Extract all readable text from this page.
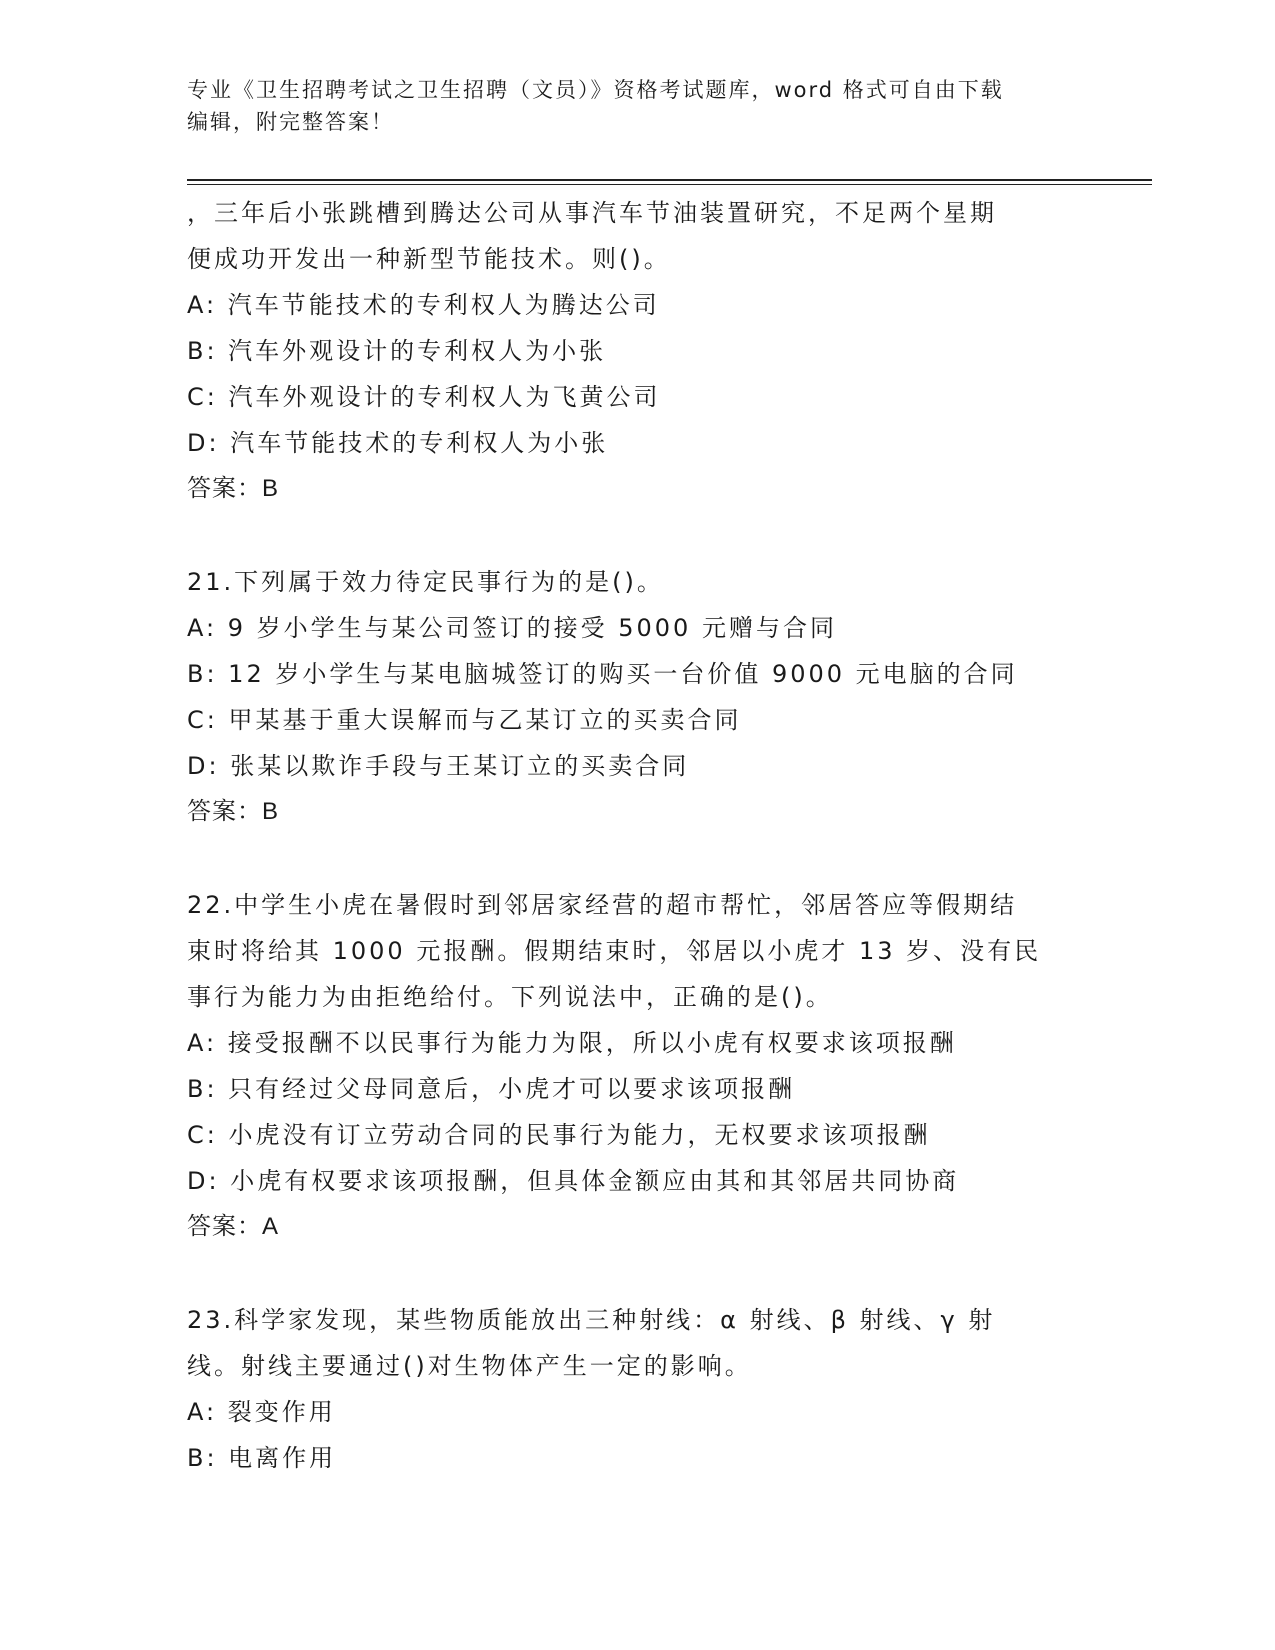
专业《卫生招聘考试之卫生招聘（文员）》资格考试题库，word 格式可自由下载
编辑，附完整答案！
，三年后小张跳槽到腾达公司从事汽车节油装置研究，不足两个星期
便成功开发出一种新型节能技术。则()。
A: 汽车节能技术的专利权人为腾达公司
B: 汽车外观设计的专利权人为小张
C: 汽车外观设计的专利权人为飞黄公司
D: 汽车节能技术的专利权人为小张
答案：B
21.下列属于效力待定民事行为的是()。
A: 9 岁小学生与某公司签订的接受 5000 元赠与合同
B: 12 岁小学生与某电脑城签订的购买一台价值 9000 元电脑的合同
C: 甲某基于重大误解而与乙某订立的买卖合同
D: 张某以欺诈手段与王某订立的买卖合同
答案：B
22.中学生小虎在暑假时到邻居家经营的超市帮忙，邻居答应等假期结
束时将给其 1000 元报酬。假期结束时，邻居以小虎才 13 岁、没有民
事行为能力为由拒绝给付。下列说法中，正确的是()。
A: 接受报酬不以民事行为能力为限，所以小虎有权要求该项报酬
B: 只有经过父母同意后，小虎才可以要求该项报酬
C: 小虎没有订立劳动合同的民事行为能力，无权要求该项报酬
D: 小虎有权要求该项报酬，但具体金额应由其和其邻居共同协商
答案：A
23.科学家发现，某些物质能放出三种射线：α 射线、β 射线、γ 射
线。射线主要通过()对生物体产生一定的影响。
A: 裂变作用
B: 电离作用
